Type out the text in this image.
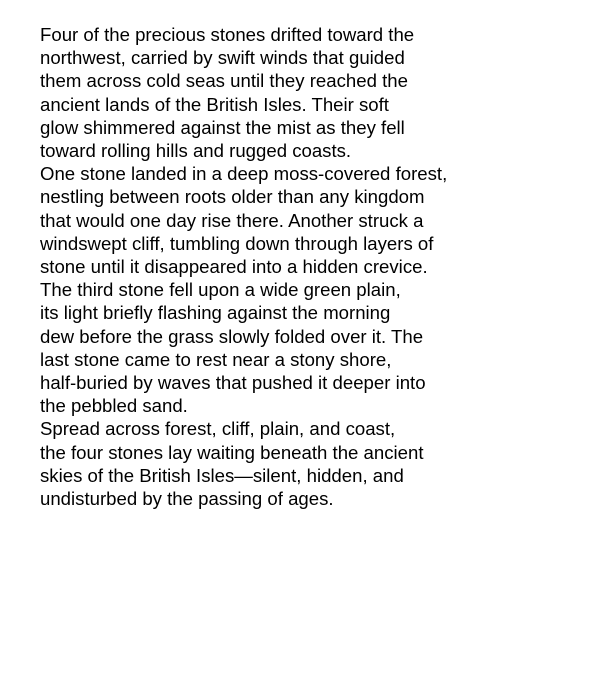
Four of the precious stones drifted toward the
northwest, carried by swift winds that guided
them across cold seas until they reached the
ancient lands of the British Isles. Their soft
glow shimmered against the mist as they fell
toward rolling hills and rugged coasts.
One stone landed in a deep moss-covered forest,
nestling between roots older than any kingdom
that would one day rise there. Another struck a
windswept cliff, tumbling down through layers of
stone until it disappeared into a hidden crevice.
The third stone fell upon a wide green plain,
its light briefly flashing against the morning
dew before the grass slowly folded over it. The
last stone came to rest near a stony shore,
half-buried by waves that pushed it deeper into
the pebbled sand.
Spread across forest, cliff, plain, and coast,
the four stones lay waiting beneath the ancient
skies of the British Isles—silent, hidden, and
undisturbed by the passing of ages.
